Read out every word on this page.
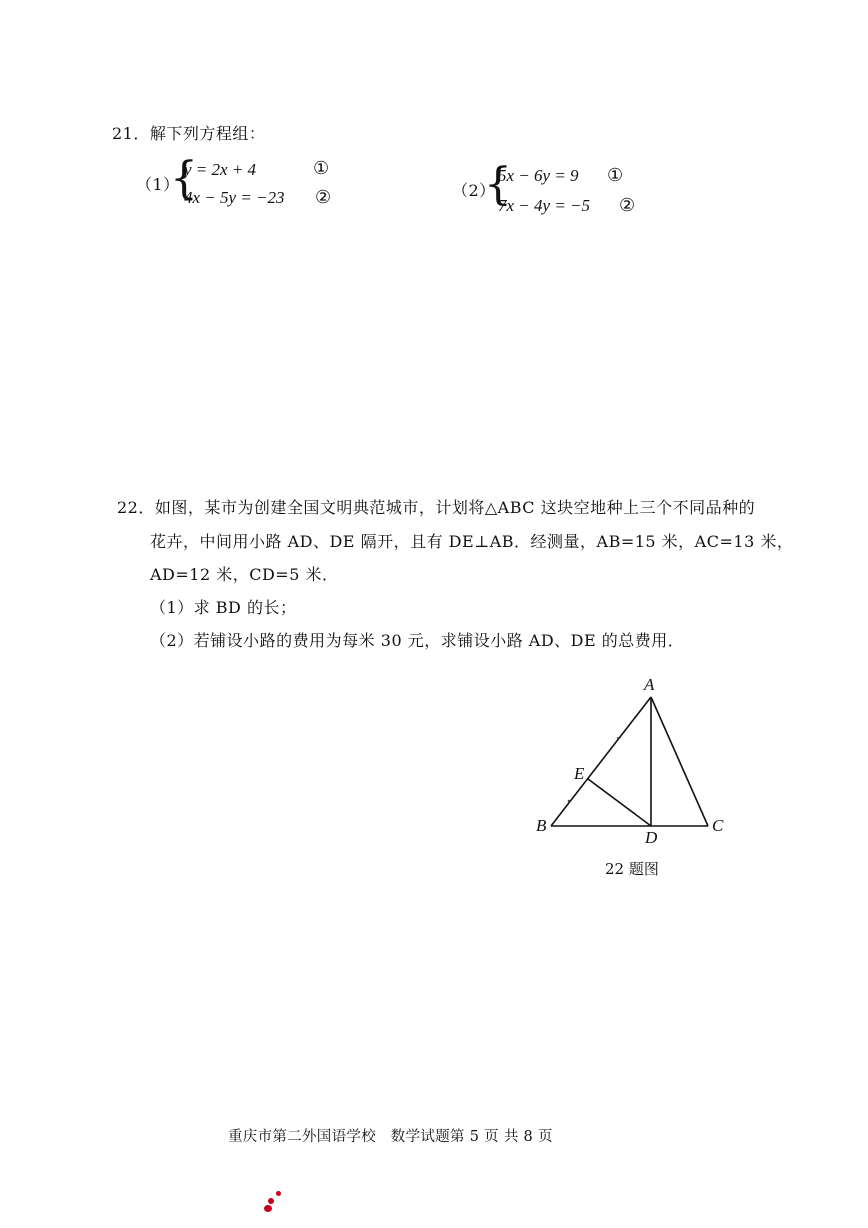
21．解下列方程组：
（1）
{
y = 2x + 4	①
4x − 5y = −23 ②	（2）
{
5x − 6y = 9 ①
7x − 4y = −5 ②
22．如图，某市为创建全国文明典范城市，计划将△ABC 这块空地种上三个不同品种的
花卉，中间用小路 AD、DE 隔开，且有 DE⊥AB．经测量，AB=15 米，AC=13 米，
AD=12 米，CD=5 米．
（1）求 BD 的长；
（2）若铺设小路的费用为每米 30 元，求铺设小路 AD、DE 的总费用．
A
E
B
D
C
22 题图
重庆市第二外国语学校　数学试题第 5 页 共 8 页
